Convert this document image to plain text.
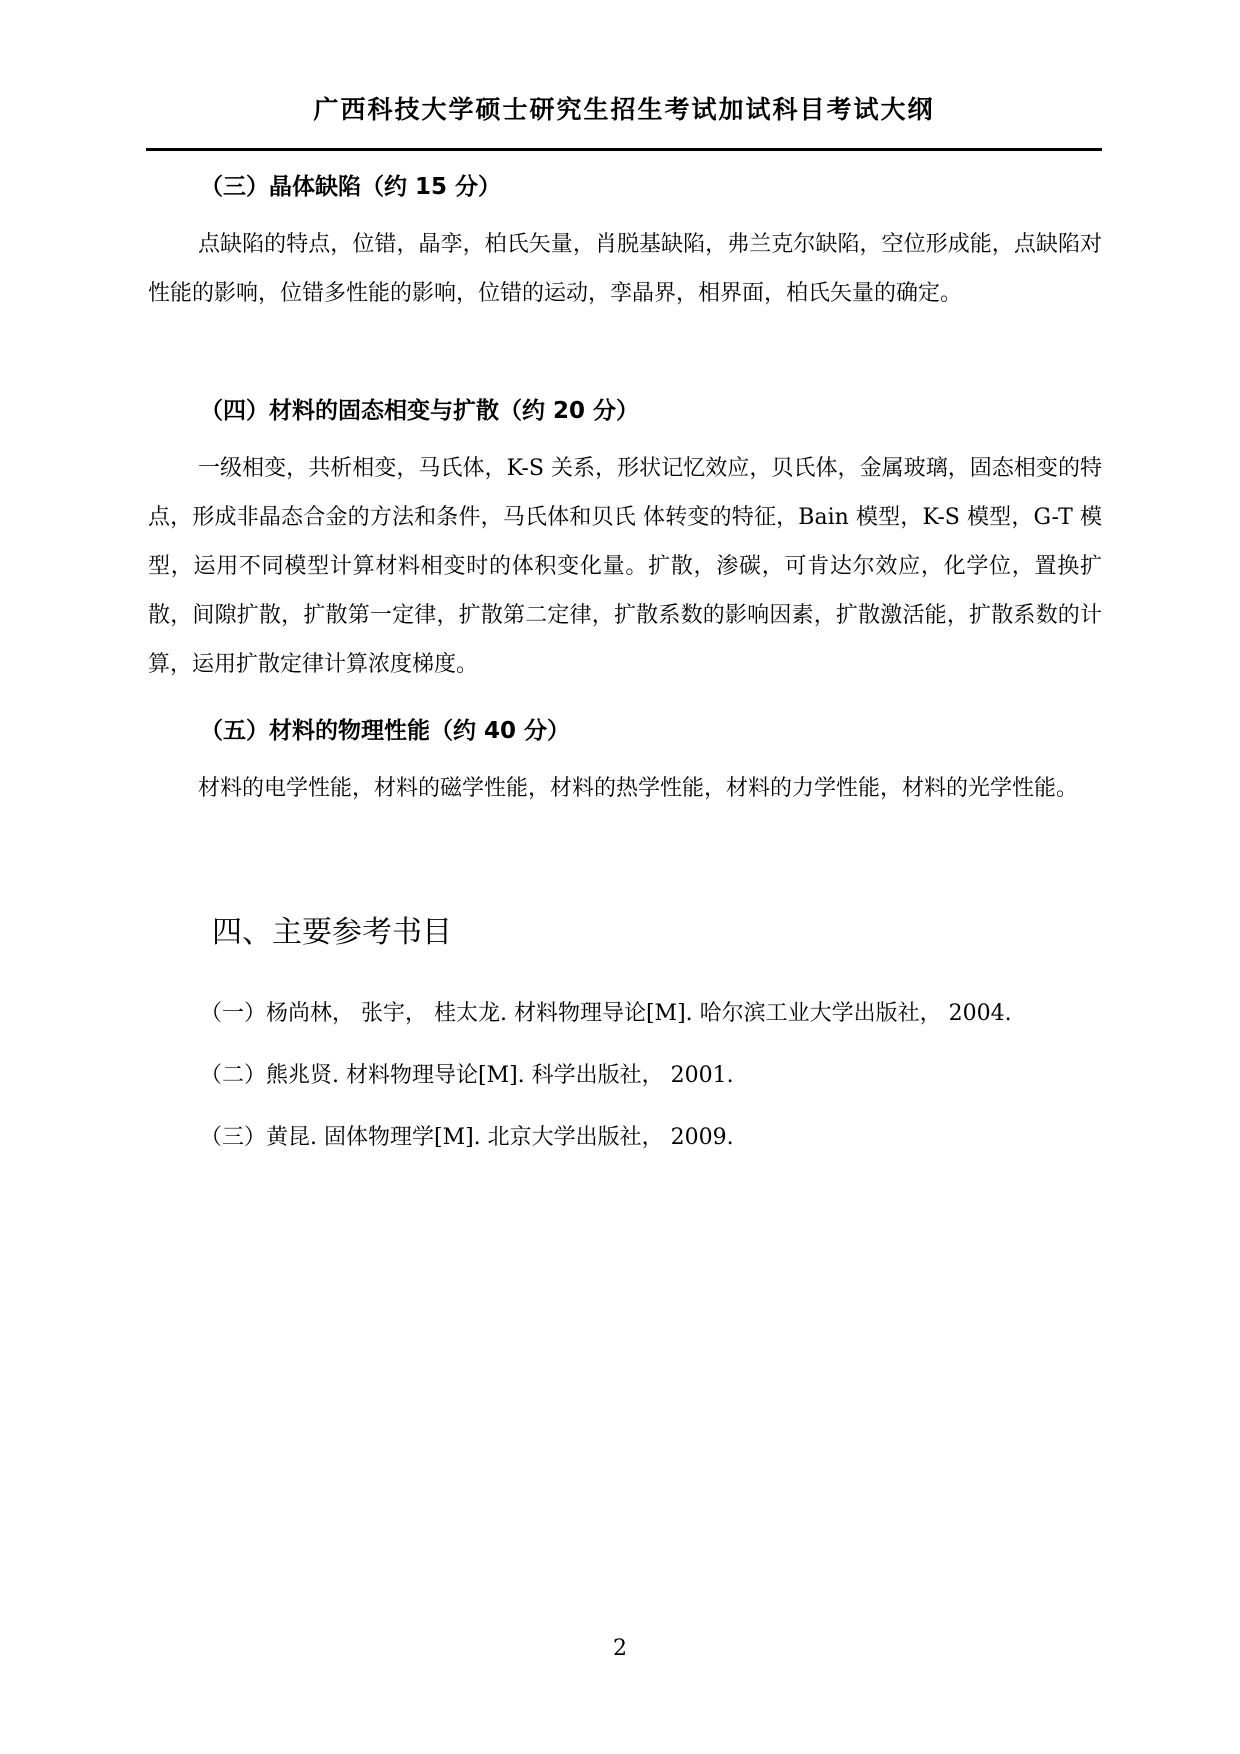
广西科技大学硕士研究生招生考试加试科目考试大纲
（三）晶体缺陷（约 15 分）
点缺陷的特点，位错，晶孪，柏氏矢量，肖脱基缺陷，弗兰克尔缺陷，空位形成能，点缺陷对性能的影响，位错多性能的影响，位错的运动，孪晶界，相界面，柏氏矢量的确定。
（四）材料的固态相变与扩散（约 20 分）
一级相变，共析相变，马氏体，K-S 关系，形状记忆效应，贝氏体，金属玻璃，固态相变的特点，形成非晶态合金的方法和条件，马氏体和贝氏 体转变的特征，Bain 模型，K-S 模型，G-T 模型，运用不同模型计算材料相变时的体积变化量。扩散，渗碳，可肯达尔效应，化学位，置换扩散，间隙扩散，扩散第一定律，扩散第二定律，扩散系数的影响因素，扩散激活能，扩散系数的计算，运用扩散定律计算浓度梯度。
（五）材料的物理性能（约 40 分）
材料的电学性能，材料的磁学性能，材料的热学性能，材料的力学性能，材料的光学性能。
四、主要参考书目
（一）杨尚林， 张宇， 桂太龙. 材料物理导论[M]. 哈尔滨工业大学出版社， 2004.
（二）熊兆贤. 材料物理导论[M]. 科学出版社， 2001.
（三）黄昆. 固体物理学[M]. 北京大学出版社， 2009.
2
